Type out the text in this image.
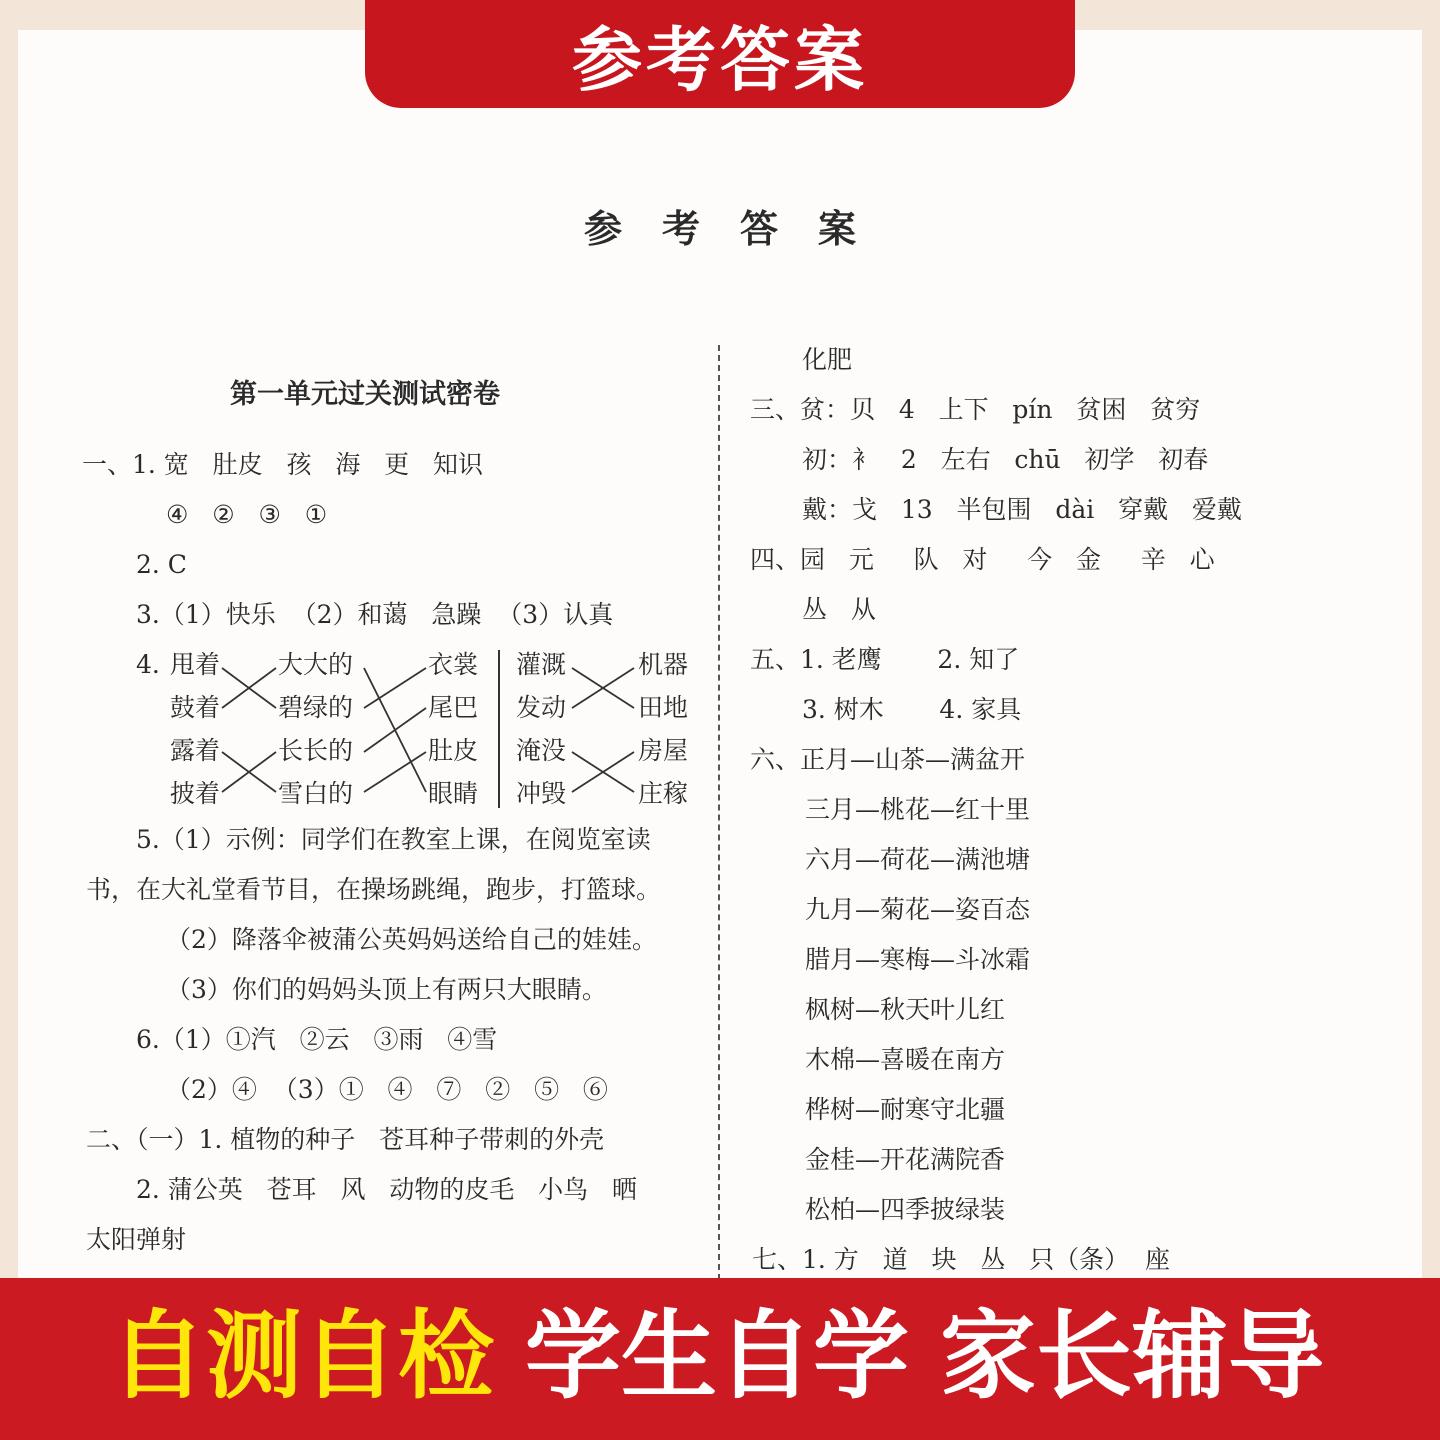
参考答案
参考答案
第一单元过关测试密卷
一、1. 宽   肚皮   孩   海   更   知识
④   ②   ③   ①
2. C
3.（1）快乐  （2）和蔼   急躁  （3）认真
4. 甩着
鼓着
露着
披着
大大的
碧绿的
长长的
雪白的
衣裳
尾巴
肚皮
眼睛
灌溉
发动
淹没
冲毁
机器
田地
房屋
庄稼
5.（1）示例：同学们在教室上课，在阅览室读
书，在大礼堂看节目，在操场跳绳，跑步，打篮球。
（2）降落伞被蒲公英妈妈送给自己的娃娃。
（3）你们的妈妈头顶上有两只大眼睛。
6.（1）①汽   ②云   ③雨   ④雪
（2）④  （3）①   ④   ⑦   ②   ⑤   ⑥
二、（一）1. 植物的种子   苍耳种子带刺的外壳
2. 蒲公英   苍耳   风   动物的皮毛   小鸟   晒
太阳弹射
化肥
三、贫：贝   4   上下   pín   贫困   贫穷
初：衤   2   左右   chū   初学   初春
戴：戈   13   半包围   dài   穿戴   爱戴
四、园   元     队   对     今   金     辛   心
丛   从
五、1. 老鹰       2. 知了
3. 树木       4. 家具
六、正月—山茶—满盆开
三月—桃花—红十里
六月—荷花—满池塘
九月—菊花—姿百态
腊月—寒梅—斗冰霜
枫树—秋天叶儿红
木棉—喜暖在南方
桦树—耐寒守北疆
金桂—开花满院香
松柏—四季披绿装
七、1. 方   道   块   丛   只（条）  座
自测自检 学生自学 家长辅导
